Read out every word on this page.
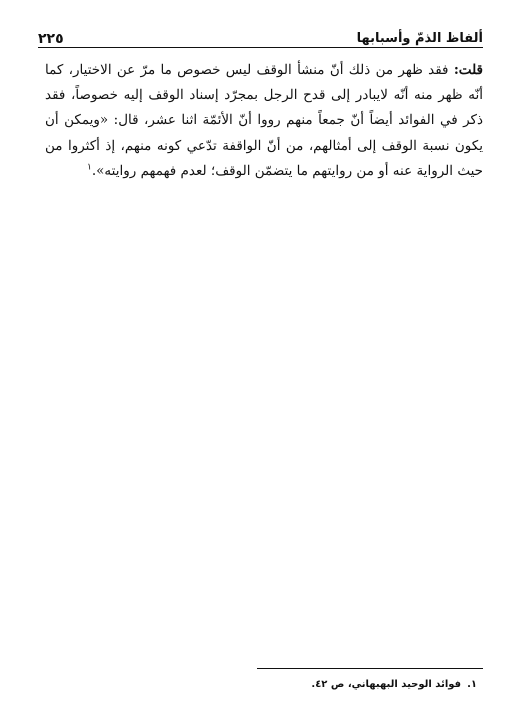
ألفاظ الذمّ وأسبابها
٢٢٥
قلت: فقد ظهر من ذلك أنّ منشأ الوقف ليس خصوص ما مرّ عن الاختيار، كما أنّه ظهر منه أنّه لايبادر إلى قدح الرجل بمجرّد إسناد الوقف إليه خصوصاً، فقد ذكر في الفوائد أيضاً أنّ جمعاً منهم رووا أنّ الأئمّة اثنا عشر، قال: «ويمكن أن يكون نسبة الوقف إلى أمثالهم، من أنّ الواقفة تدّعي كونه منهم، إذ أكثروا من حيث الرواية عنه أو من روايتهم ما يتضمّن الوقف؛ لعدم فهمهم روايته».$^١$
١.فوائد الوحيد البهبهاني، ص ٤٢.
